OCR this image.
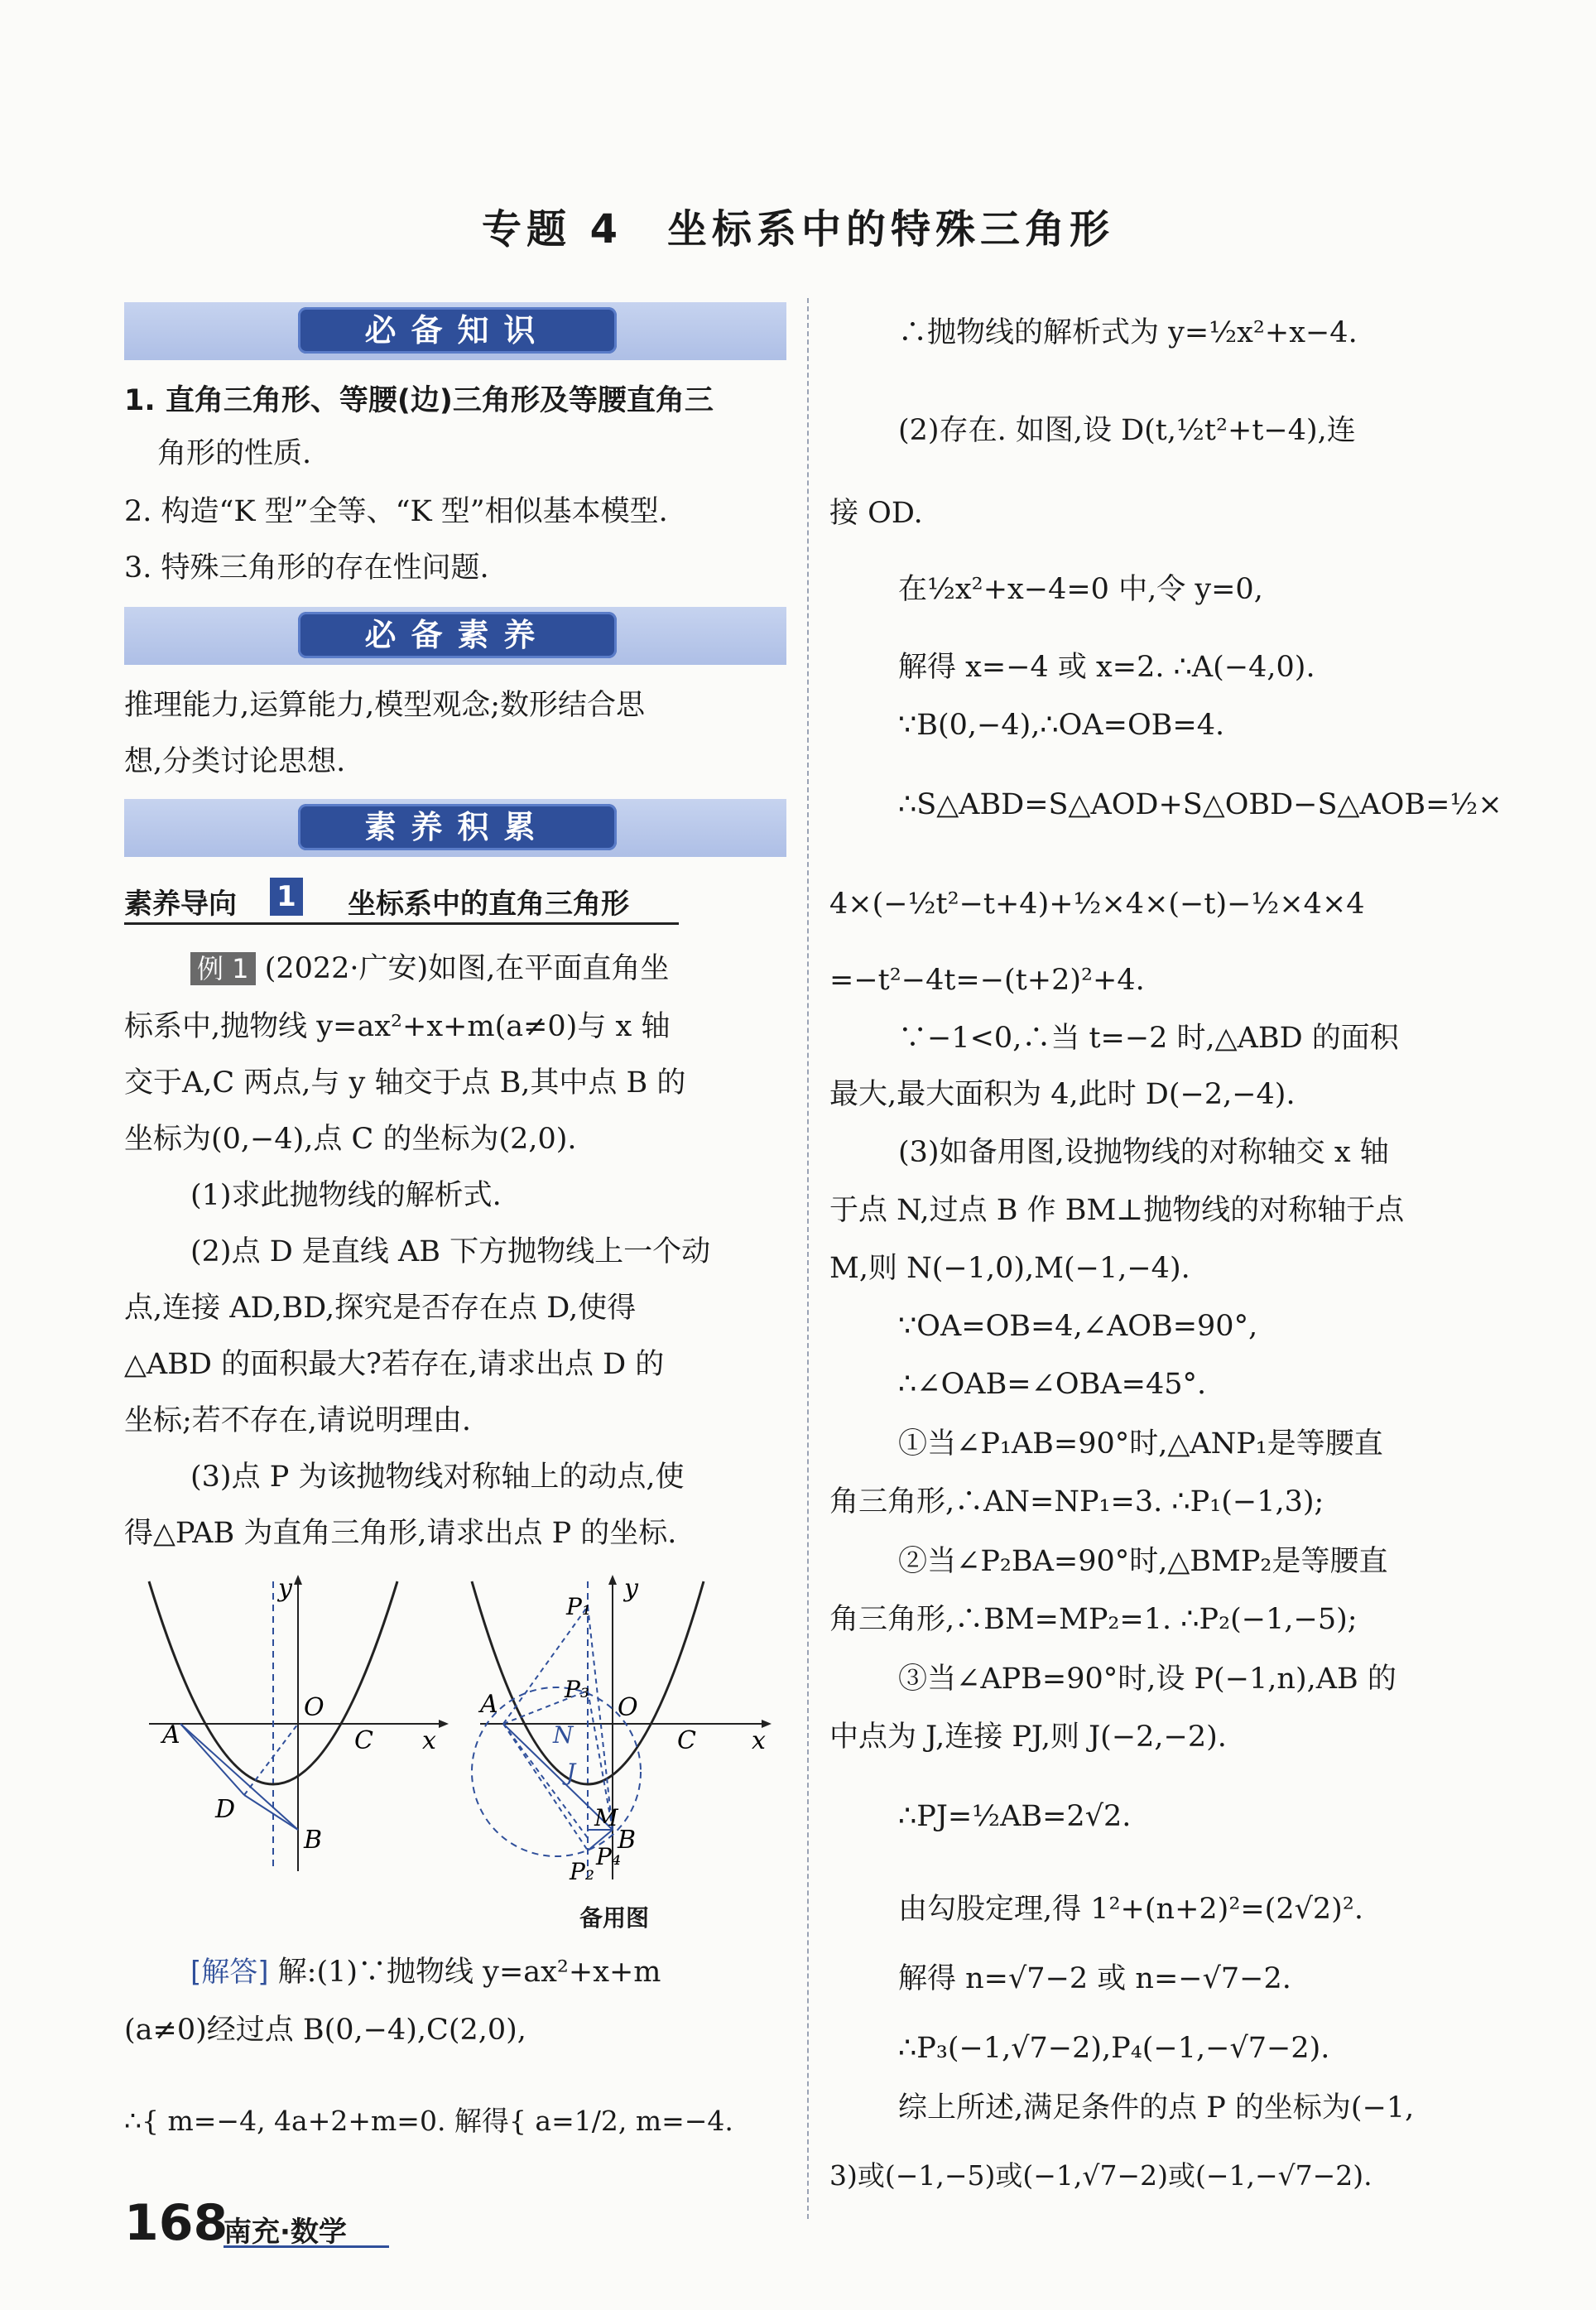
专题 4　坐标系中的特殊三角形
必备知识
1. 直角三角形、等腰(边)三角形及等腰直角三
角形的性质.
2. 构造“K 型”全等、“K 型”相似基本模型.
3. 特殊三角形的存在性问题.
必备素养
推理能力,运算能力,模型观念;数形结合思
想,分类讨论思想.
素养积累
素养导向 1 坐标系中的直角三角形
例 1 (2022·广安)如图,在平面直角坐
标系中,抛物线 y=ax²+x+m(a≠0)与 x 轴
交于A,C 两点,与 y 轴交于点 B,其中点 B 的
坐标为(0,−4),点 C 的坐标为(2,0).
(1)求此抛物线的解析式.
(2)点 D 是直线 AB 下方抛物线上一个动
点,连接 AD,BD,探究是否存在点 D,使得
△ABD 的面积最大?若存在,请求出点 D 的
坐标;若不存在,请说明理由.
(3)点 P 为该抛物线对称轴上的动点,使
得△PAB 为直角三角形,请求出点 P 的坐标.
A
B
C
D
O
x
y
A
B
C
O
x
y
N
J
M
P₁
P₃
P₂
P₄
备用图
[解答] 解:(1)∵抛物线 y=ax²+x+m
(a≠0)经过点 B(0,−4),C(2,0),
∴{ m=−4, 4a+2+m=0. 解得{ a=1/2, m=−4.
∴抛物线的解析式为 y=½x²+x−4.
(2)存在. 如图,设 D(t,½t²+t−4),连
接 OD.
在½x²+x−4=0 中,令 y=0,
解得 x=−4 或 x=2. ∴A(−4,0).
∵B(0,−4),∴OA=OB=4.
∴S△ABD=S△AOD+S△OBD−S△AOB=½×
4×(−½t²−t+4)+½×4×(−t)−½×4×4
=−t²−4t=−(t+2)²+4.
∵−1<0,∴当 t=−2 时,△ABD 的面积
最大,最大面积为 4,此时 D(−2,−4).
(3)如备用图,设抛物线的对称轴交 x 轴
于点 N,过点 B 作 BM⊥抛物线的对称轴于点
M,则 N(−1,0),M(−1,−4).
∵OA=OB=4,∠AOB=90°,
∴∠OAB=∠OBA=45°.
①当∠P₁AB=90°时,△ANP₁是等腰直
角三角形,∴AN=NP₁=3. ∴P₁(−1,3);
②当∠P₂BA=90°时,△BMP₂是等腰直
角三角形,∴BM=MP₂=1. ∴P₂(−1,−5);
③当∠APB=90°时,设 P(−1,n),AB 的
中点为 J,连接 PJ,则 J(−2,−2).
∴PJ=½AB=2√2.
由勾股定理,得 1²+(n+2)²=(2√2)².
解得 n=√7−2 或 n=−√7−2.
∴P₃(−1,√7−2),P₄(−1,−√7−2).
综上所述,满足条件的点 P 的坐标为(−1,
3)或(−1,−5)或(−1,√7−2)或(−1,−√7−2).
168
南充·数学
